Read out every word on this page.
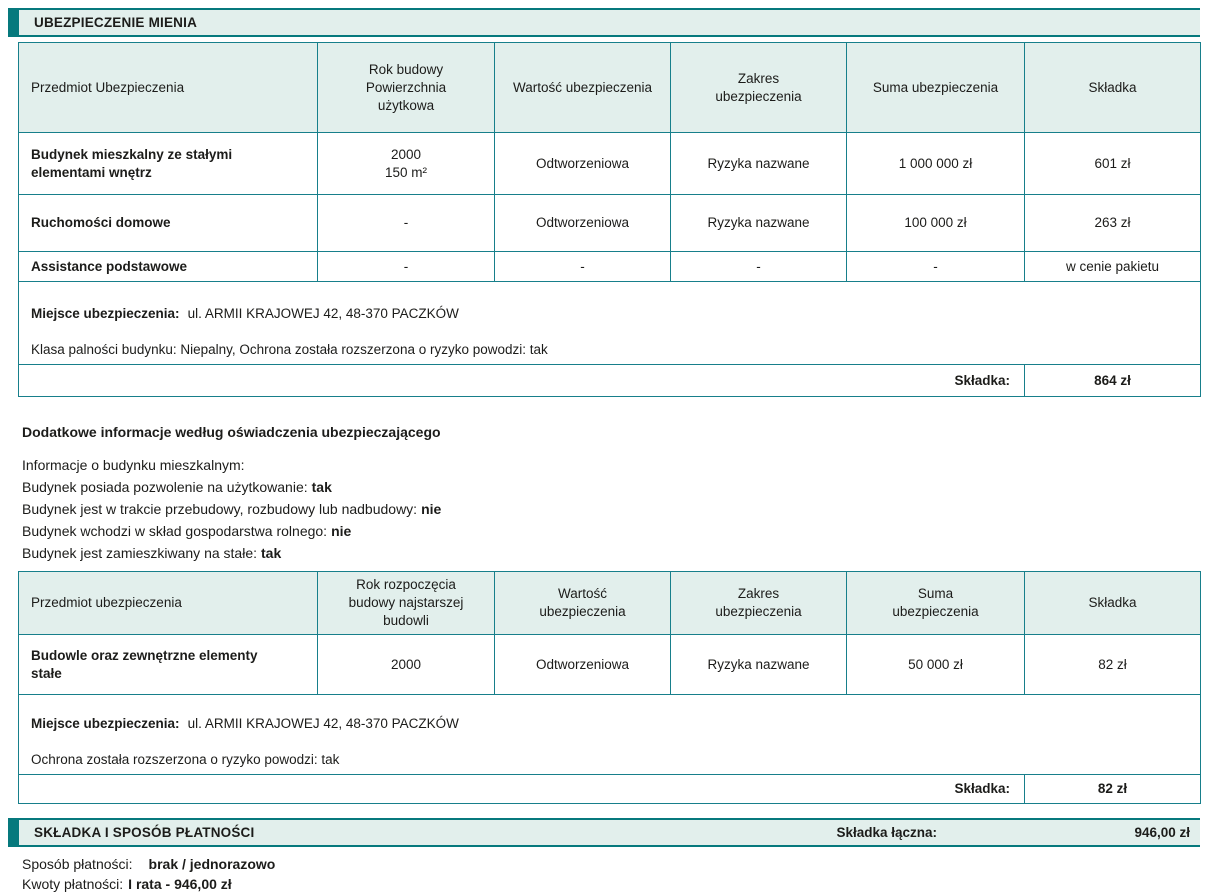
UBEZPIECZENIE MIENIA
Przedmiot Ubezpieczenia	Rok budowy
Powierzchnia
użytkowa	Wartość ubezpieczenia	Zakres
ubezpieczenia	Suma ubezpieczenia	Składka
Budynek mieszkalny ze stałymi
elementami wnętrz	2000
150 m²	Odtworzeniowa	Ryzyka nazwane	1 000 000 zł	601 zł
Ruchomości domowe	-	Odtworzeniowa	Ryzyka nazwane	100 000 zł	263 zł
Assistance podstawowe	-	-	-	-	w cenie pakietu

Miejsce ubezpieczenia: ul. ARMII KRAJOWEJ 42, 48-370 PACZKÓW

Klasa palności budynku: Niepalny, Ochrona została rozszerzona o ryzyko powodzi: tak					

Składka:					864 zł
Dodatkowe informacje według oświadczenia ubezpieczającego
Informacje o budynku mieszkalnym:
Budynek posiada pozwolenie na użytkowanie: tak
Budynek jest w trakcie przebudowy, rozbudowy lub nadbudowy: nie
Budynek wchodzi w skład gospodarstwa rolnego: nie
Budynek jest zamieszkiwany na stałe: tak
Przedmiot ubezpieczenia	Rok rozpoczęcia
budowy najstarszej
budowli	Wartość
ubezpieczenia	Zakres
ubezpieczenia	Suma
ubezpieczenia	Składka
Budowle oraz zewnętrzne elementy
stałe	2000	Odtworzeniowa	Ryzyka nazwane	50 000 zł	82 zł

Miejsce ubezpieczenia: ul. ARMII KRAJOWEJ 42, 48-370 PACZKÓW

Ochrona została rozszerzona o ryzyko powodzi: tak					

Składka:					82 zł
SKŁADKA I SPOSÓB PŁATNOŚCI	Składka łączna:	946,00 zł
Sposób płatności: brak / jednorazowo
Kwoty płatności: I rata - 946,00 zł
